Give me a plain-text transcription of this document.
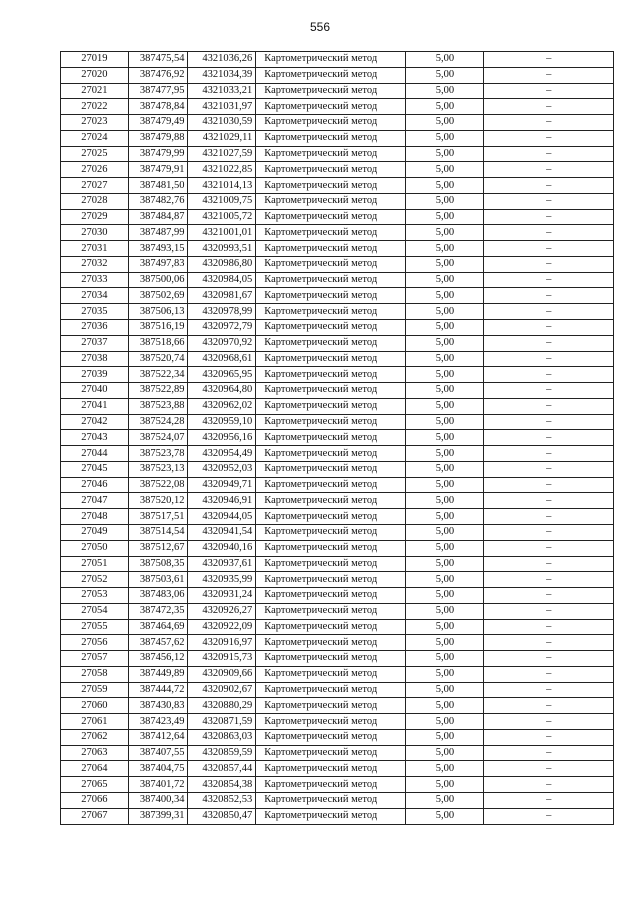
556
27019	387475,54	4321036,26	Картометрический метод	5,00	–
27020	387476,92	4321034,39	Картометрический метод	5,00	–
27021	387477,95	4321033,21	Картометрический метод	5,00	–
27022	387478,84	4321031,97	Картометрический метод	5,00	–
27023	387479,49	4321030,59	Картометрический метод	5,00	–
27024	387479,88	4321029,11	Картометрический метод	5,00	–
27025	387479,99	4321027,59	Картометрический метод	5,00	–
27026	387479,91	4321022,85	Картометрический метод	5,00	–
27027	387481,50	4321014,13	Картометрический метод	5,00	–
27028	387482,76	4321009,75	Картометрический метод	5,00	–
27029	387484,87	4321005,72	Картометрический метод	5,00	–
27030	387487,99	4321001,01	Картометрический метод	5,00	–
27031	387493,15	4320993,51	Картометрический метод	5,00	–
27032	387497,83	4320986,80	Картометрический метод	5,00	–
27033	387500,06	4320984,05	Картометрический метод	5,00	–
27034	387502,69	4320981,67	Картометрический метод	5,00	–
27035	387506,13	4320978,99	Картометрический метод	5,00	–
27036	387516,19	4320972,79	Картометрический метод	5,00	–
27037	387518,66	4320970,92	Картометрический метод	5,00	–
27038	387520,74	4320968,61	Картометрический метод	5,00	–
27039	387522,34	4320965,95	Картометрический метод	5,00	–
27040	387522,89	4320964,80	Картометрический метод	5,00	–
27041	387523,88	4320962,02	Картометрический метод	5,00	–
27042	387524,28	4320959,10	Картометрический метод	5,00	–
27043	387524,07	4320956,16	Картометрический метод	5,00	–
27044	387523,78	4320954,49	Картометрический метод	5,00	–
27045	387523,13	4320952,03	Картометрический метод	5,00	–
27046	387522,08	4320949,71	Картометрический метод	5,00	–
27047	387520,12	4320946,91	Картометрический метод	5,00	–
27048	387517,51	4320944,05	Картометрический метод	5,00	–
27049	387514,54	4320941,54	Картометрический метод	5,00	–
27050	387512,67	4320940,16	Картометрический метод	5,00	–
27051	387508,35	4320937,61	Картометрический метод	5,00	–
27052	387503,61	4320935,99	Картометрический метод	5,00	–
27053	387483,06	4320931,24	Картометрический метод	5,00	–
27054	387472,35	4320926,27	Картометрический метод	5,00	–
27055	387464,69	4320922,09	Картометрический метод	5,00	–
27056	387457,62	4320916,97	Картометрический метод	5,00	–
27057	387456,12	4320915,73	Картометрический метод	5,00	–
27058	387449,89	4320909,66	Картометрический метод	5,00	–
27059	387444,72	4320902,67	Картометрический метод	5,00	–
27060	387430,83	4320880,29	Картометрический метод	5,00	–
27061	387423,49	4320871,59	Картометрический метод	5,00	–
27062	387412,64	4320863,03	Картометрический метод	5,00	–
27063	387407,55	4320859,59	Картометрический метод	5,00	–
27064	387404,75	4320857,44	Картометрический метод	5,00	–
27065	387401,72	4320854,38	Картометрический метод	5,00	–
27066	387400,34	4320852,53	Картометрический метод	5,00	–
27067	387399,31	4320850,47	Картометрический метод	5,00	–
